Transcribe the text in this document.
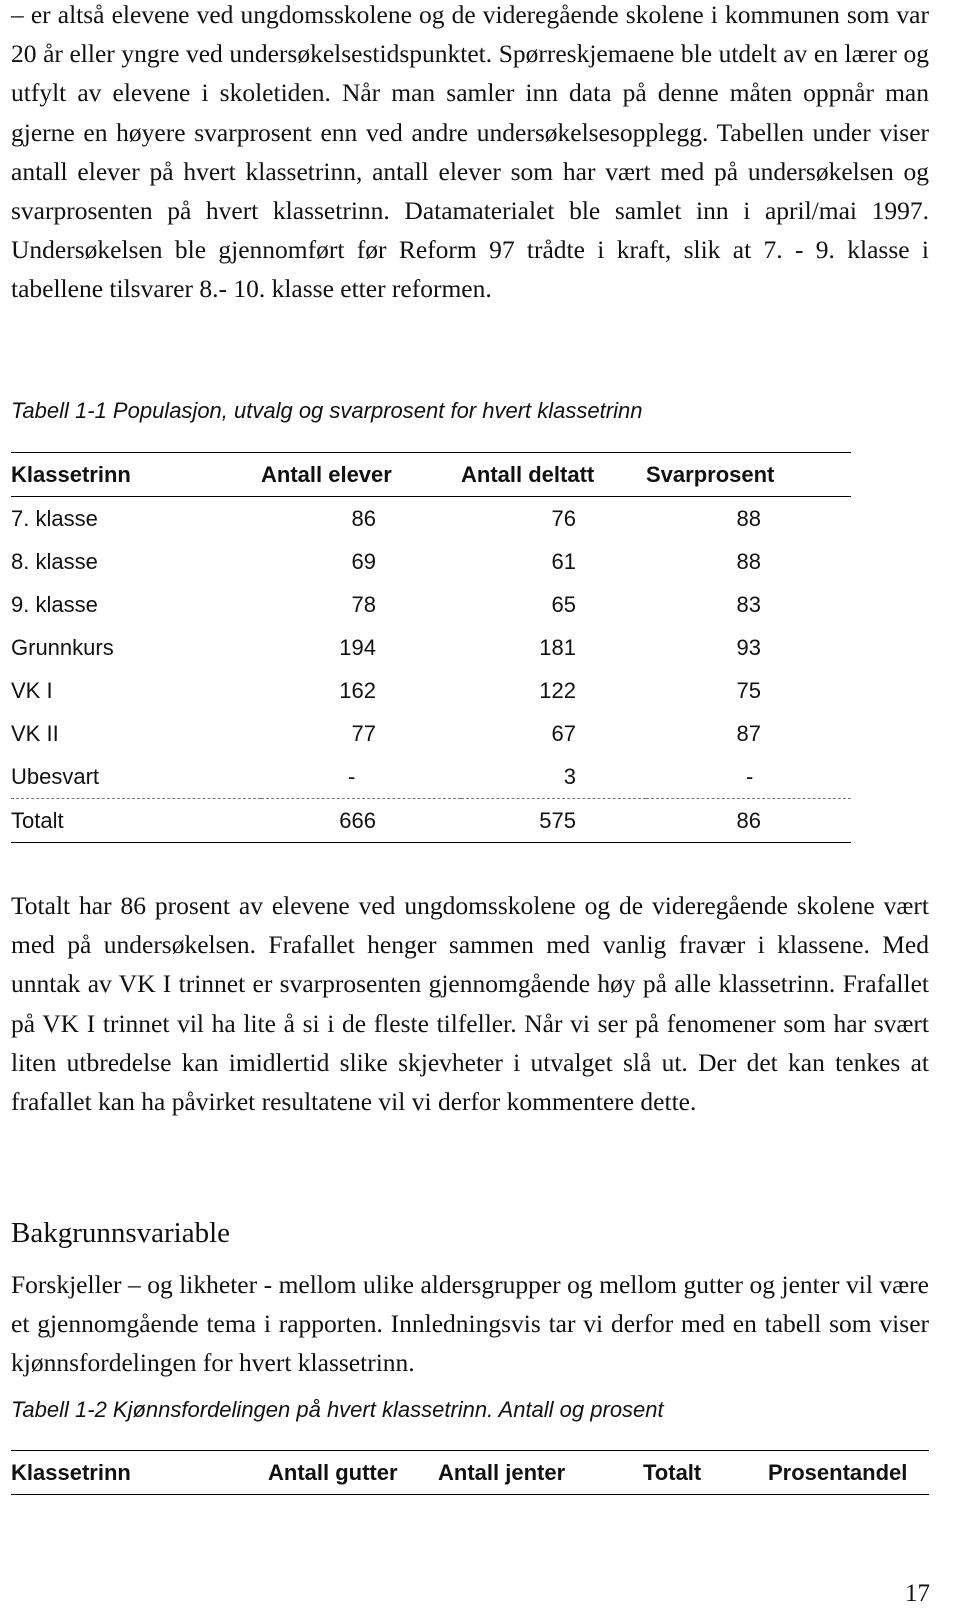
– er altså elevene ved ungdomsskolene og de videregående skolene i kommunen som var 20 år eller yngre ved undersøkelsestidspunktet. Spørreskjemaene ble utdelt av en lærer og utfylt av elevene i skoletiden. Når man samler inn data på denne måten oppnår man gjerne en høyere svarprosent enn ved andre undersøkelsesopplegg. Tabellen under viser antall elever på hvert klassetrinn, antall elever som har vært med på undersøkelsen og svarprosenten på hvert klassetrinn. Datamaterialet ble samlet inn i april/mai 1997. Undersøkelsen ble gjennomført før Reform 97 trådte i kraft, slik at 7. - 9. klasse i tabellene tilsvarer 8.- 10. klasse etter reformen.

Tabell 1-1 Populasjon, utvalg og svarprosent for hvert klassetrinn

Klassetrinn	Antall elever	Antall deltatt	Svarprosent
7. klasse	86	76	88
8. klasse	69	61	88
9. klasse	78	65	83
Grunnkurs	194	181	93
VK I	162	122	75
VK II	77	67	87
Ubesvart	-	3	-
Totalt	666	575	86

Totalt har 86 prosent av elevene ved ungdomsskolene og de videregående skolene vært med på undersøkelsen. Frafallet henger sammen med vanlig fravær i klassene. Med unntak av VK I trinnet er svarprosenten gjennomgående høy på alle klassetrinn. Frafallet på VK I trinnet vil ha lite å si i de fleste tilfeller. Når vi ser på fenomener som har svært liten utbredelse kan imidlertid slike skjevheter i utvalget slå ut. Der det kan tenkes at frafallet kan ha påvirket resultatene vil vi derfor kommentere dette.

Bakgrunnsvariable

Forskjeller – og likheter - mellom ulike aldersgrupper og mellom gutter og jenter vil være et gjennomgående tema i rapporten. Innledningsvis tar vi derfor med en tabell som viser kjønnsfordelingen for hvert klassetrinn.

Tabell 1-2 Kjønnsfordelingen på hvert klassetrinn. Antall og prosent

Klassetrinn	Antall gutter	Antall jenter	Totalt	Prosentandel
17
